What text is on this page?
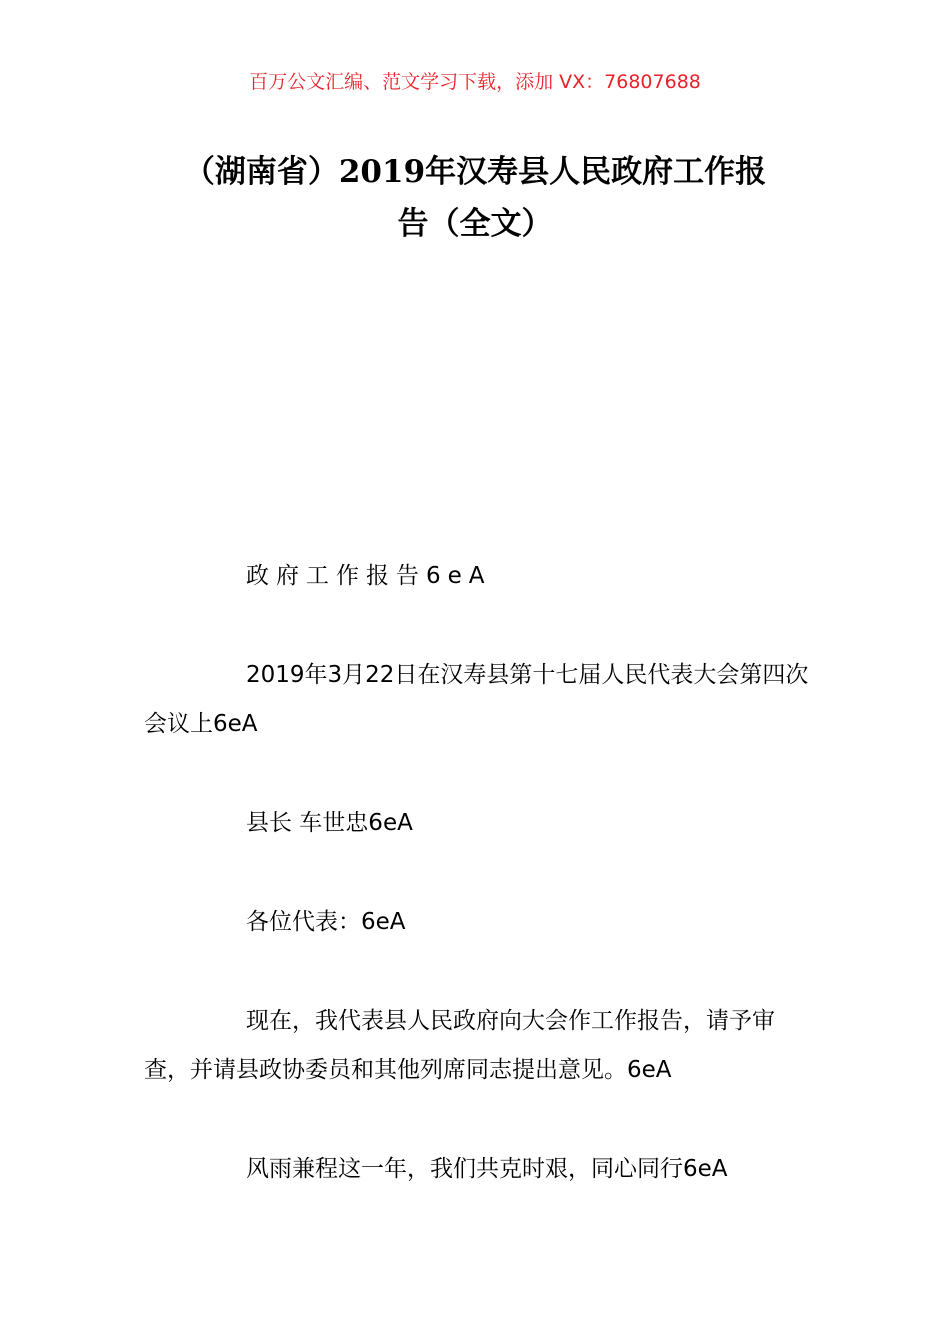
百万公文汇编、范文学习下载，添加 VX：76807688
（湖南省）2019年汉寿县人民政府工作报
告（全文）

政府工作报告6eA

2019年3月22日在汉寿县第十七届人民代表大会第四次会议上6eA

县长 车世忠6eA

各位代表：6eA

现在，我代表县人民政府向大会作工作报告，请予审查，并请县政协委员和其他列席同志提出意见。6eA

风雨兼程这一年，我们共克时艰，同心同行6eA
